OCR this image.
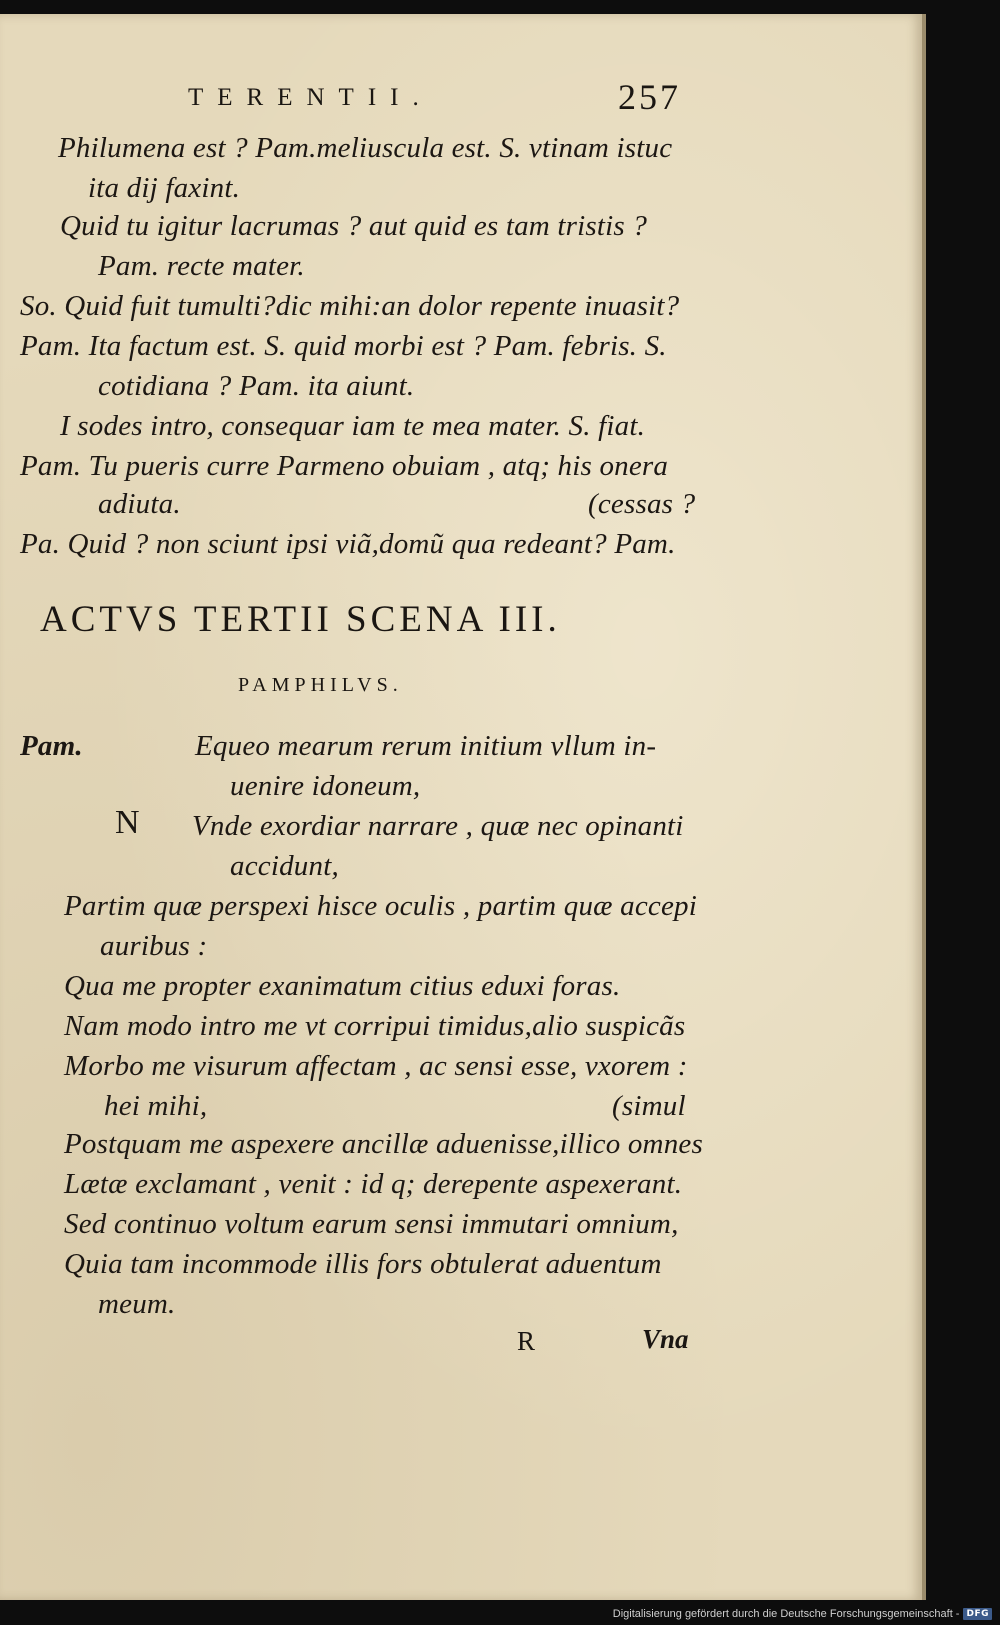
TERENTII.	257
Philumena est ? Pam.meliuscula est. S. vtinam istuc
ita dij faxint.
Quid tu igitur lacrumas ? aut quid es tam tristis ?
Pam. recte mater.
So. Quid fuit tumulti?dic mihi:an dolor repente inuasit?
Pam. Ita factum est. S. quid morbi est ? Pam. febris. S.
cotidiana ? Pam. ita aiunt.
I sodes intro, consequar iam te mea mater. S. fiat.
Pam. Tu pueris curre Parmeno obuiam , atq; his onera
adiuta.	(cessas ?
Pa. Quid ? non sciunt ipsi viã,domũ qua redeant? Pam.
ACTVS TERTII SCENA III.
PAMPHILVS.
Pam.
N
Equeo mearum rerum initium vllum in-
uenire idoneum,
Vnde exordiar narrare , quæ nec opinanti
accidunt,
Partim quæ perspexi hisce oculis , partim quæ accepi
auribus :
Qua me propter exanimatum citius eduxi foras.
Nam modo intro me vt corripui timidus,alio suspicãs
Morbo me visurum affectam , ac sensi esse, vxorem :
hei mihi,	(simul
Postquam me aspexere ancillæ aduenisse,illico omnes
Lætæ exclamant , venit : id q; derepente aspexerant.
Sed continuo voltum earum sensi immutari omnium,
Quia tam incommode illis fors obtulerat aduentum
meum.
R	Vna
Digitalisierung gefördert durch die Deutsche Forschungsgemeinschaft - DFG
